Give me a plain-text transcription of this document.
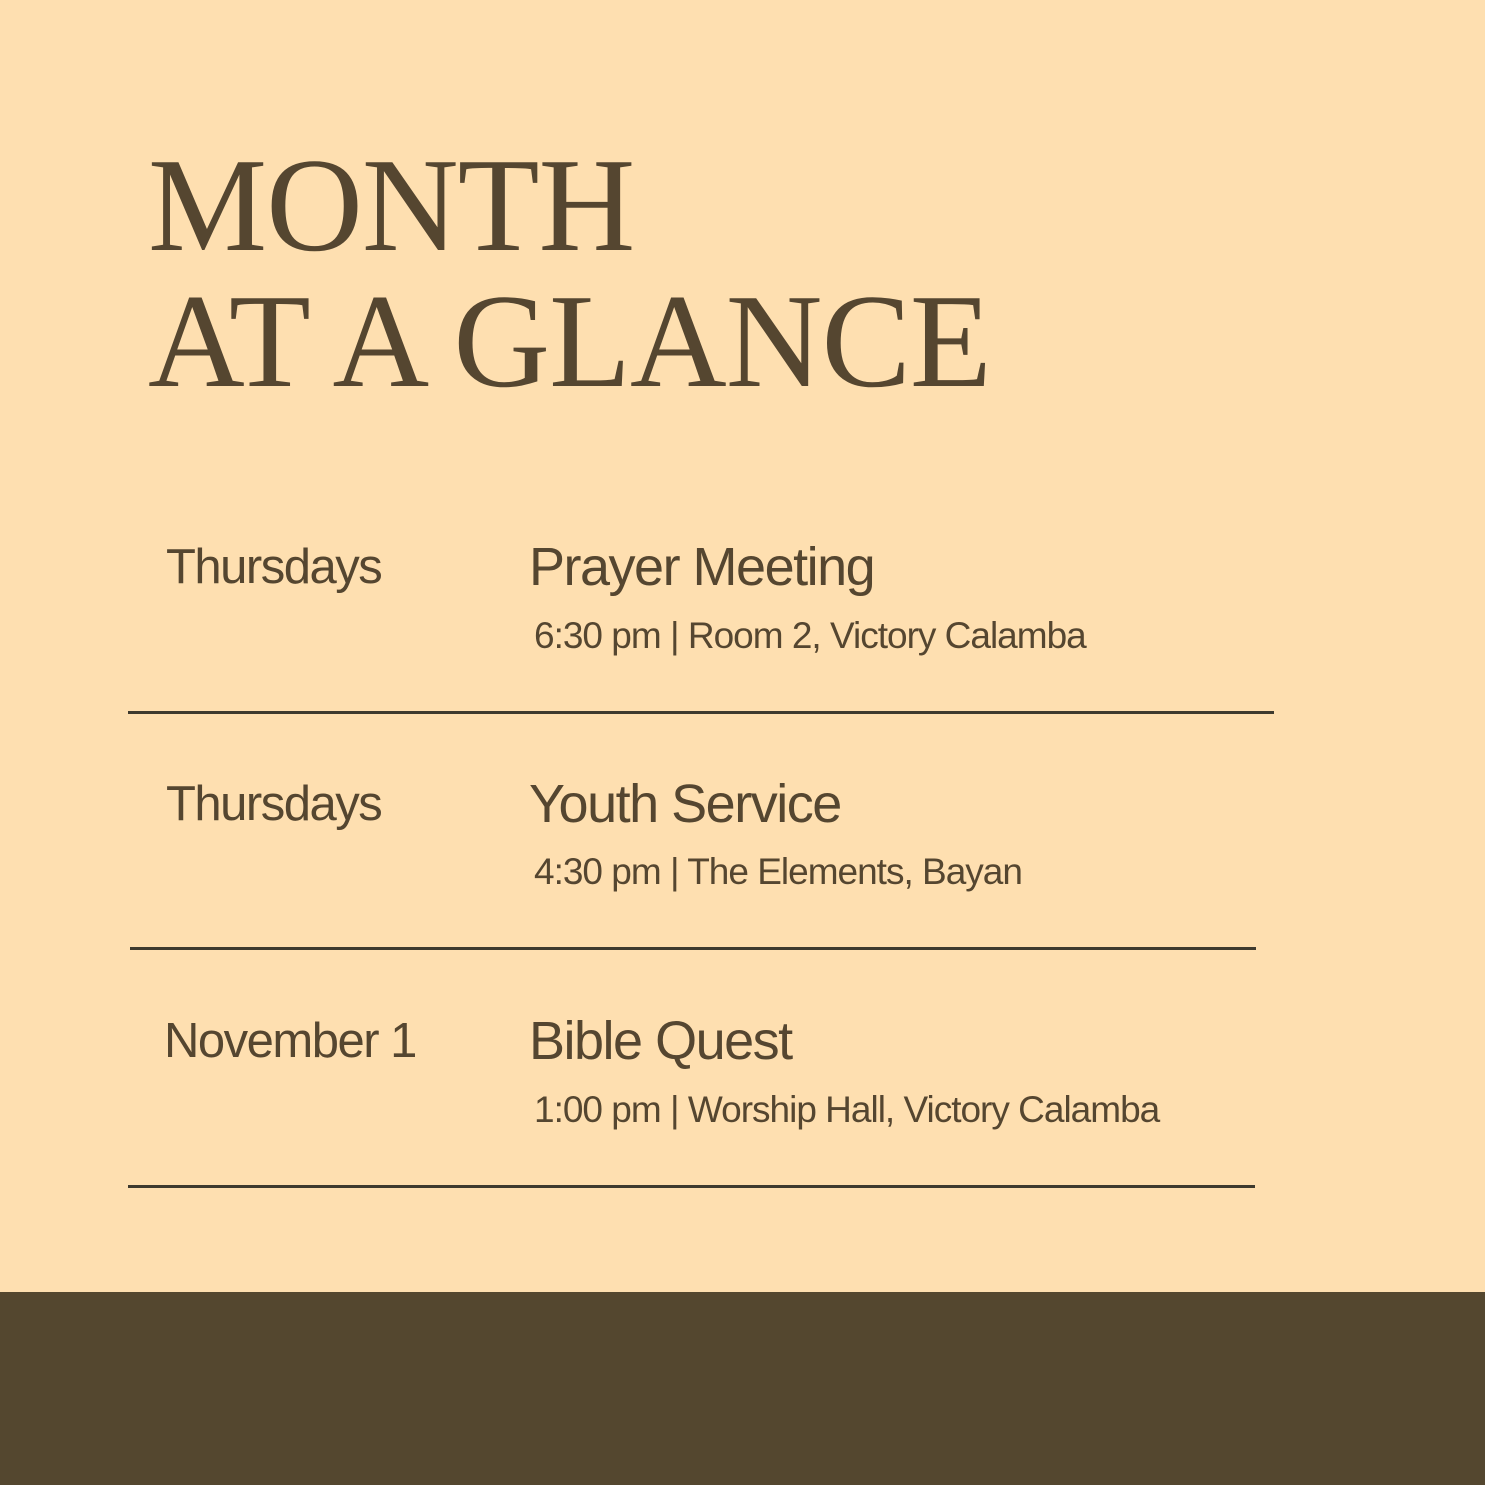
MONTH
AT A GLANCE
Thursdays	Prayer Meeting
6:30 pm | Room 2, Victory Calamba
Thursdays	Youth Service
4:30 pm | The Elements, Bayan
November 1 Bible Quest
1:00 pm | Worship Hall, Victory Calamba
